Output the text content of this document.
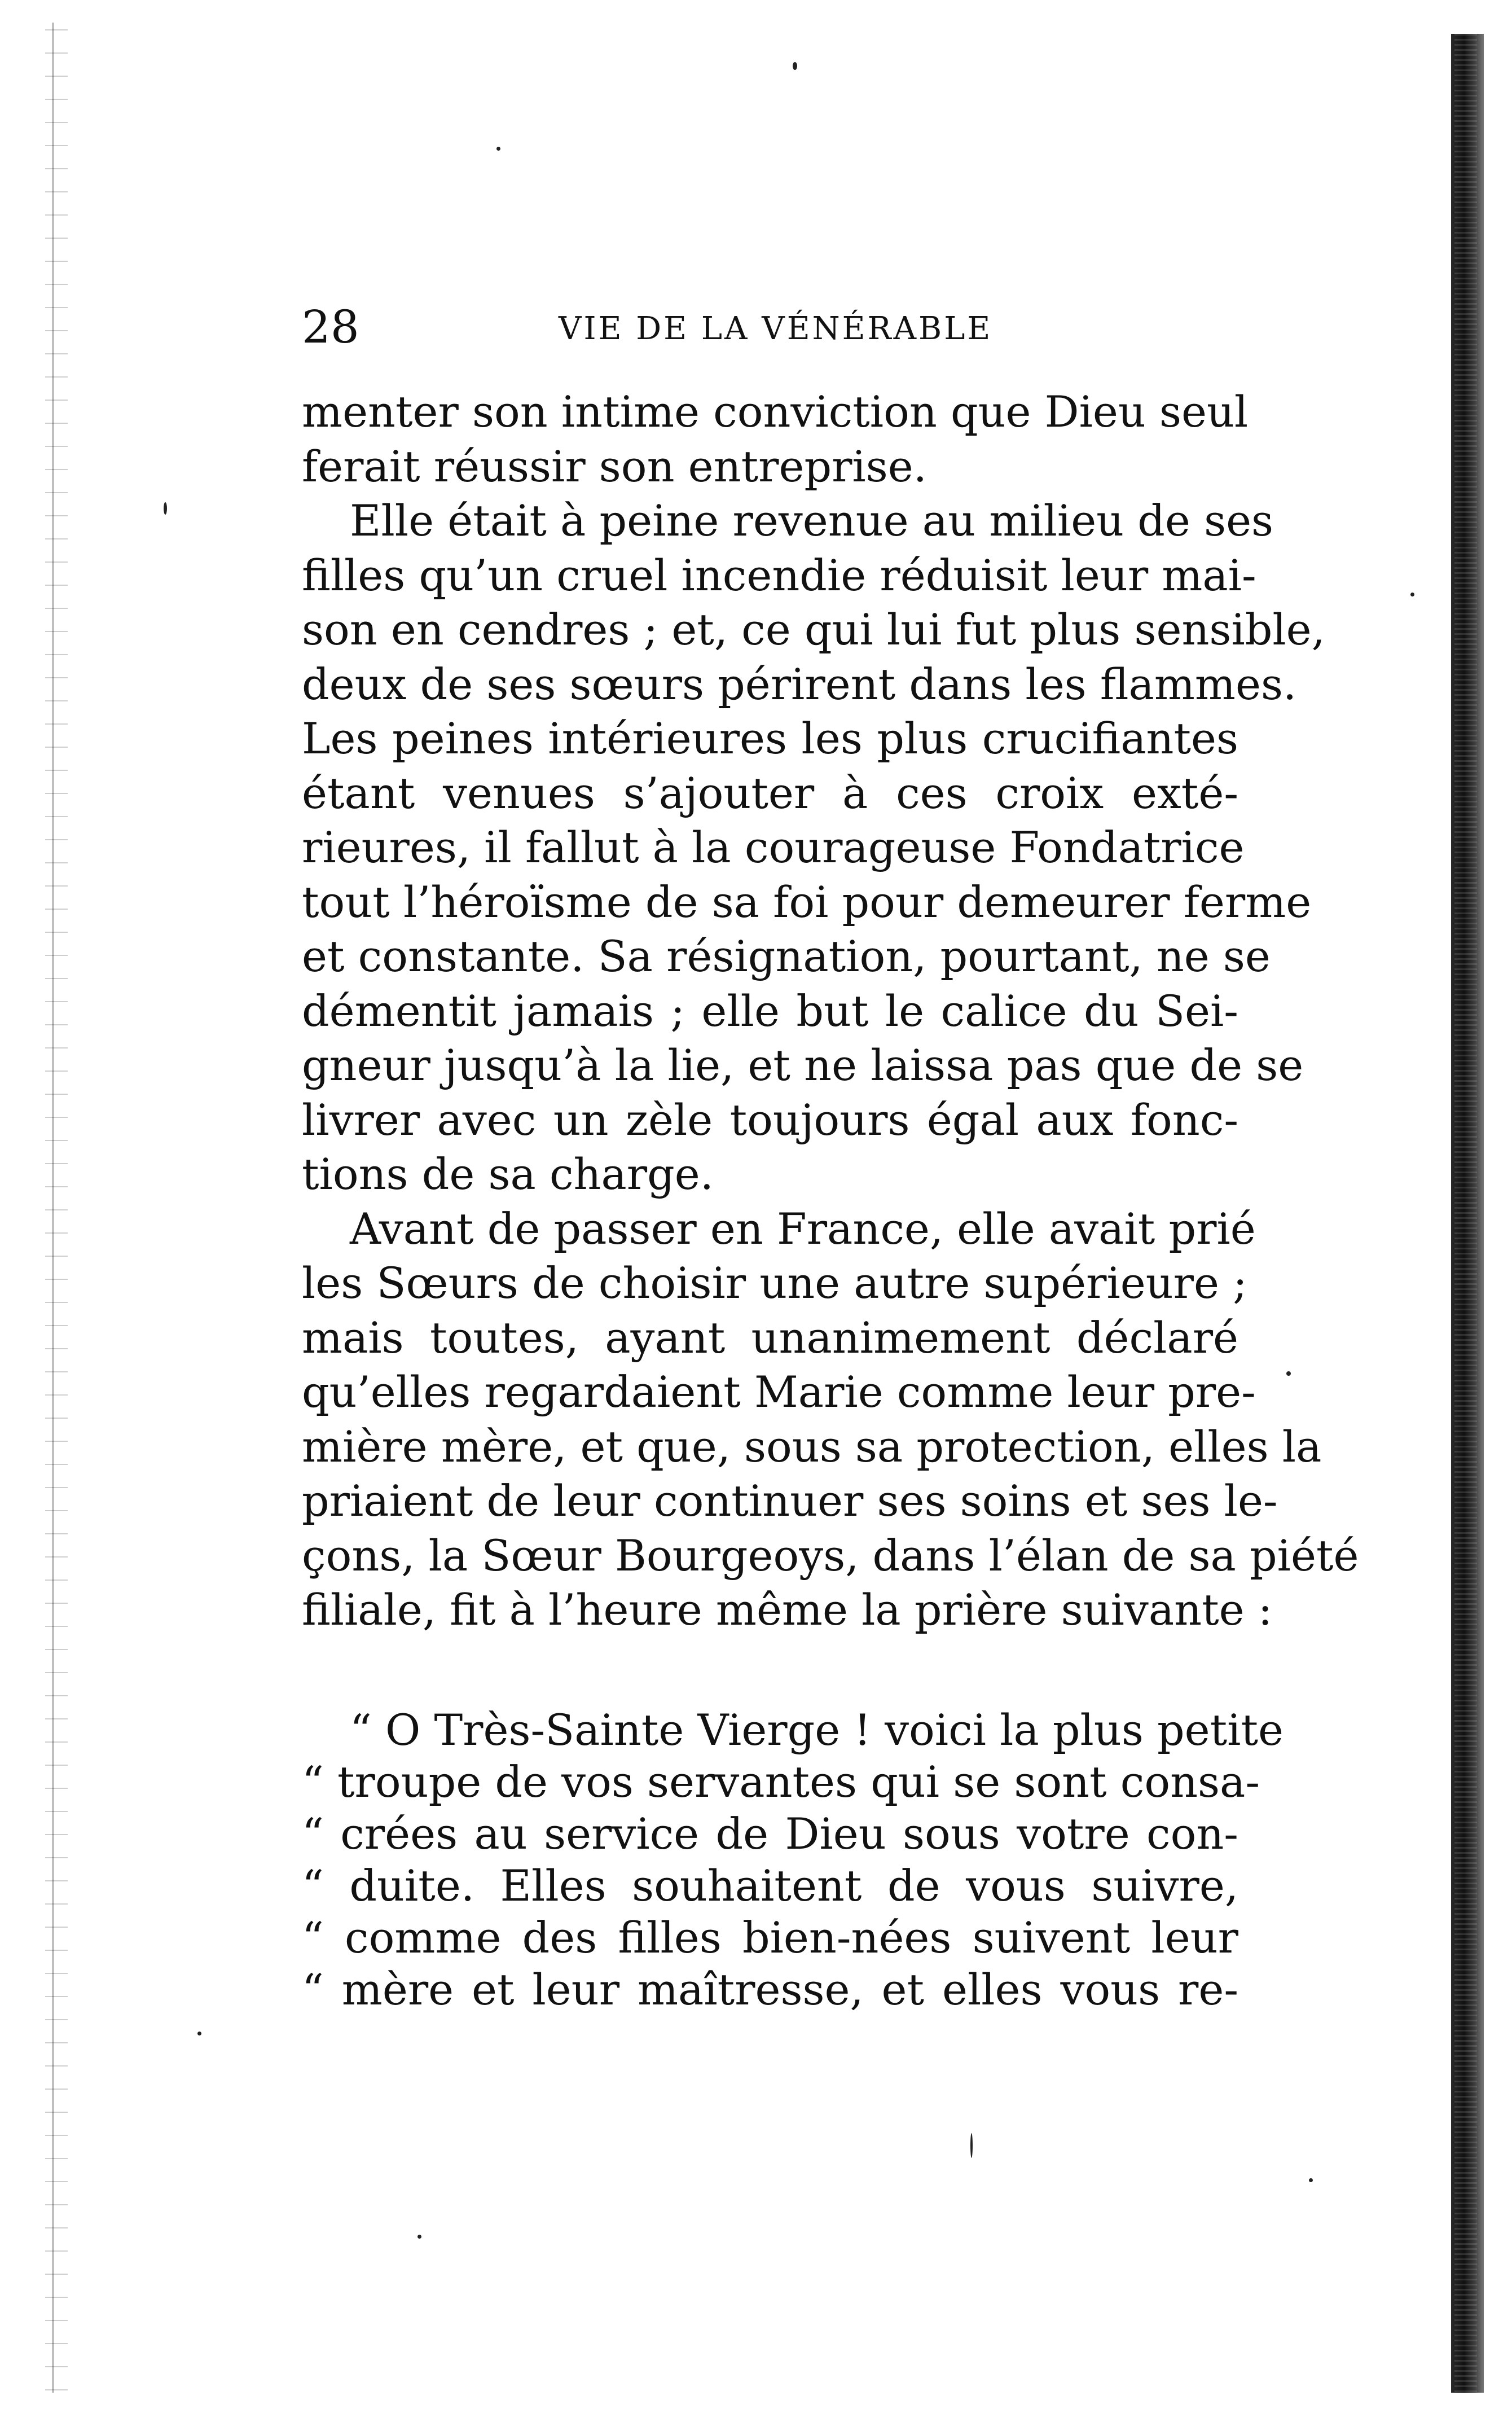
28	VIE DE LA VÉNÉRABLE
menter son intime conviction que Dieu seul
ferait réussir son entreprise.
Elle était à peine revenue au milieu de ses
filles qu’un cruel incendie réduisit leur mai-
son en cendres ; et, ce qui lui fut plus sensible,
deux de ses sœurs périrent dans les flammes.
Les peines intérieures les plus crucifiantes
étant venues s’ajouter à ces croix exté-
rieures, il fallut à la courageuse Fondatrice
tout l’héroïsme de sa foi pour demeurer ferme
et constante. Sa résignation, pourtant, ne se
démentit jamais ; elle but le calice du Sei-
gneur jusqu’à la lie, et ne laissa pas que de se
livrer avec un zèle toujours égal aux fonc-
tions de sa charge.
Avant de passer en France, elle avait prié
les Sœurs de choisir une autre supérieure ;
mais toutes, ayant unanimement déclaré
qu’elles regardaient Marie comme leur pre-
mière mère, et que, sous sa protection, elles la
priaient de leur continuer ses soins et ses le-
çons, la Sœur Bourgeoys, dans l’élan de sa piété
filiale, fit à l’heure même la prière suivante :
“ O Très-Sainte Vierge ! voici la plus petite
“ troupe de vos servantes qui se sont consa-
“ crées au service de Dieu sous votre con-
“ duite. Elles souhaitent de vous suivre,
“ comme des filles bien-nées suivent leur
“ mère et leur maîtresse, et elles vous re-
